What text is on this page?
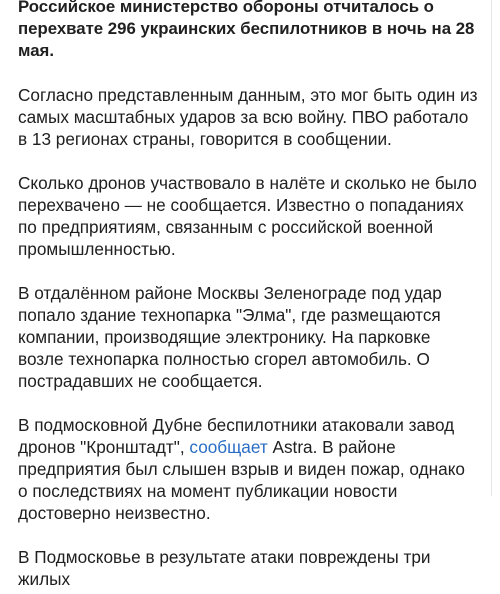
Российское министерство обороны отчиталось о перехвате 296 украинских беспилотников в ночь на 28 мая.

Согласно представленным данным, это мог быть один из самых масштабных ударов за всю войну. ПВО работало в 13 регионах страны, говорится в сообщении.

Сколько дронов участвовало в налёте и сколько не было перехвачено — не сообщается. Известно о попаданиях по предприятиям, связанным с российской военной промышленностью.

В отдалённом районе Москвы Зеленограде под удар попало здание технопарка "Элма", где размещаются компании, производящие электронику. На парковке возле технопарка полностью сгорел автомобиль. О пострадавших не сообщается.

В подмосковной Дубне беспилотники атаковали завод дронов "Кронштадт", сообщает Astra. В районе предприятия был слышен взрыв и виден пожар, однако о последствиях на момент публикации новости достоверно неизвестно.

В Подмосковье в результате атаки повреждены три жилых
